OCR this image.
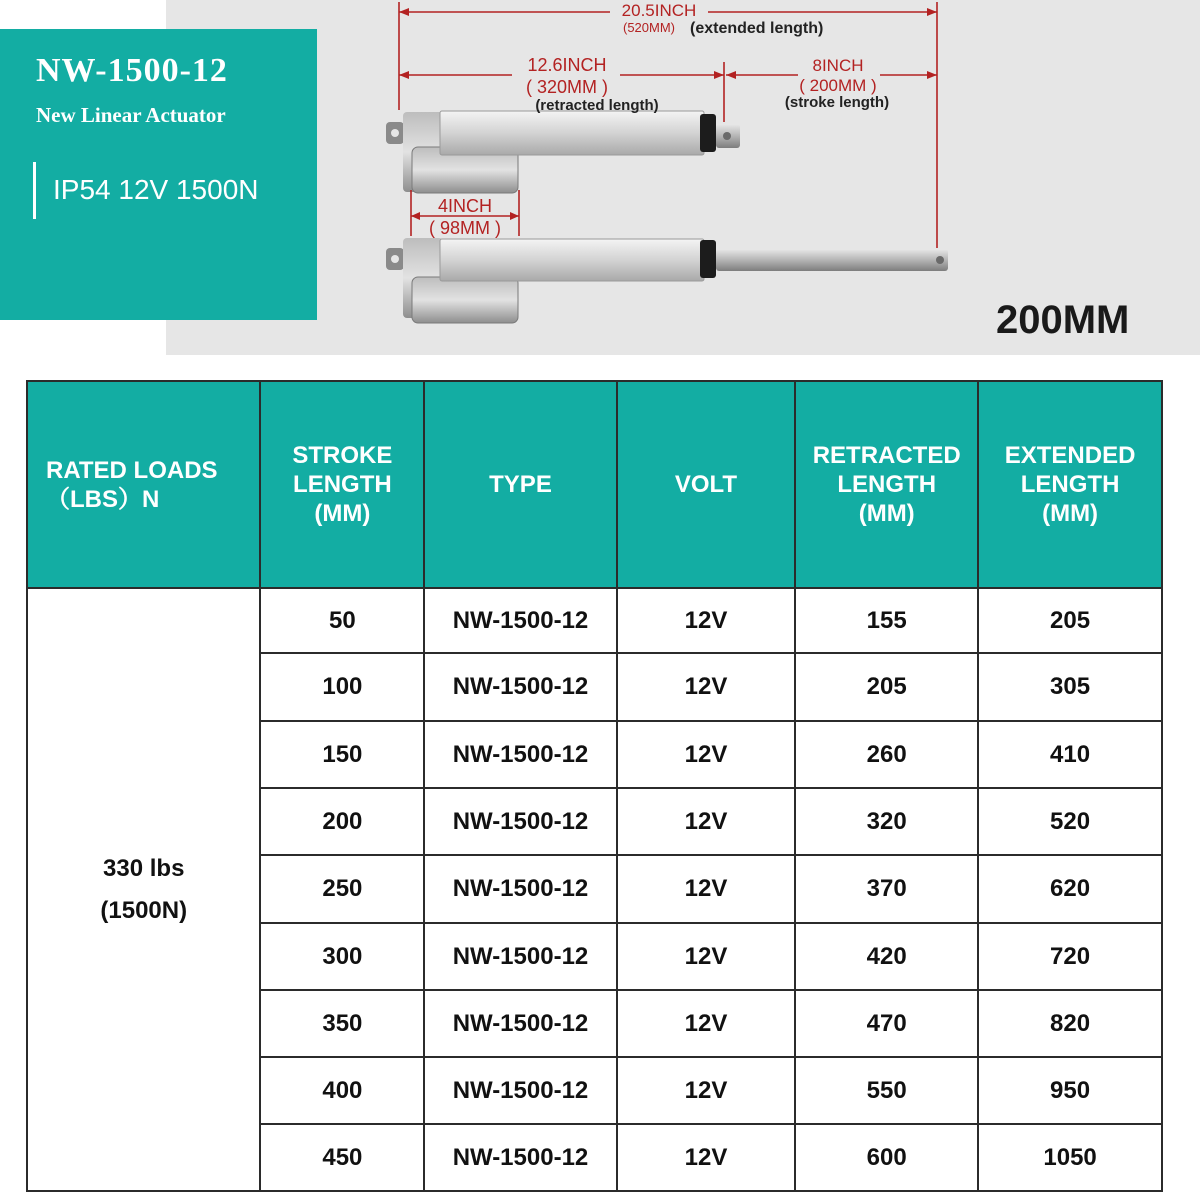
20.5INCH
(520MM) (extended length)
12.6INCH
( 320MM )
(retracted length)
8INCH
( 200MM )
(stroke length)
4INCH
( 98MM )
NW-1500-12
New Linear Actuator
IP54 12V 1500N
200MM
RATED LOADS
（LBS）N	STROKE
LENGTH
(MM)	TYPE	VOLT	RETRACTED
LENGTH
(MM)	EXTENDED
LENGTH
(MM)

330 lbs
(1500N)	50	NW-1500-12	12V	155	205
	100	NW-1500-12	12V	205	305
	150	NW-1500-12	12V	260	410
	200	NW-1500-12	12V	320	520
	250	NW-1500-12	12V	370	620
	300	NW-1500-12	12V	420	720
	350	NW-1500-12	12V	470	820
	400	NW-1500-12	12V	550	950
	450	NW-1500-12	12V	600	1050
